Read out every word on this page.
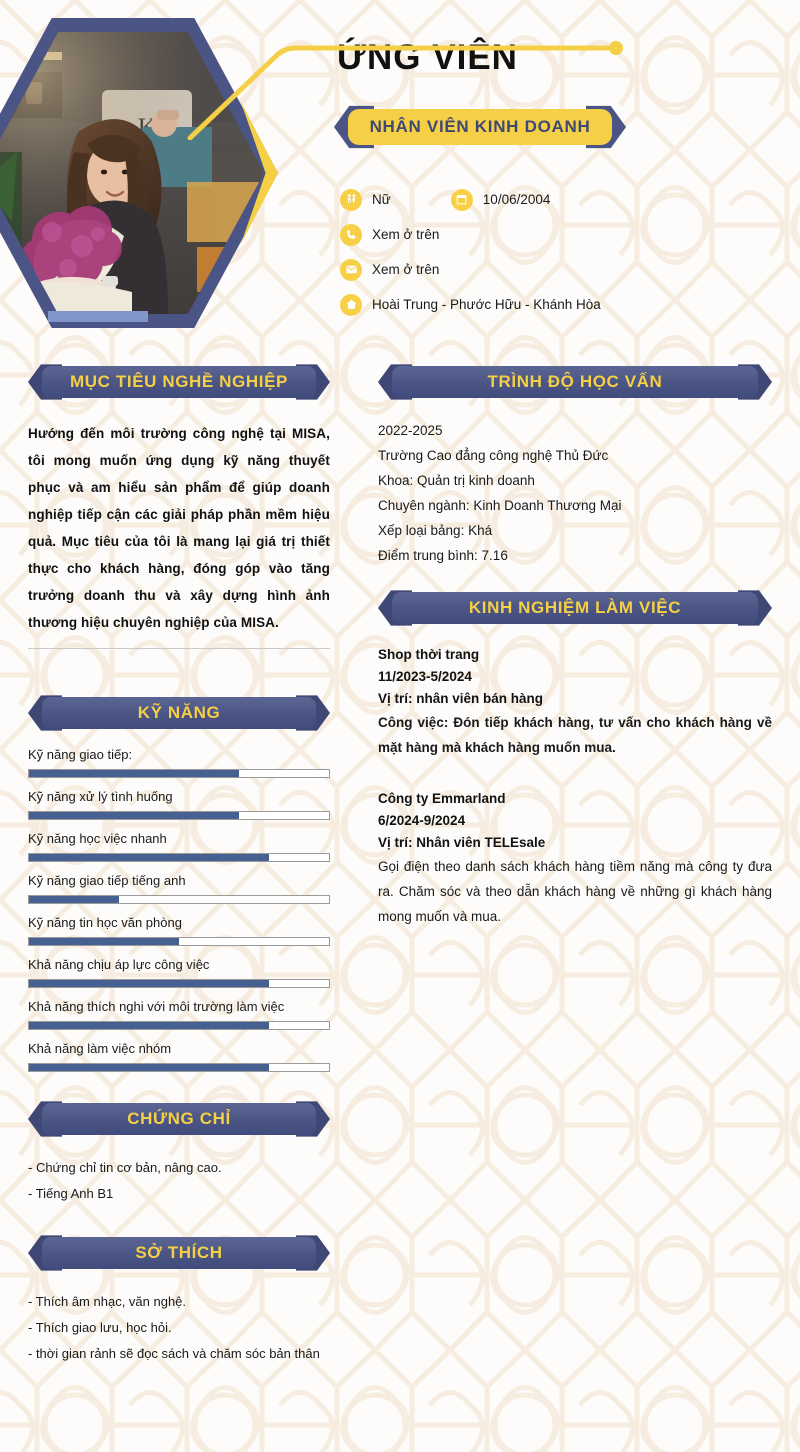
ỨNG VIÊN
NHÂN VIÊN KINH DOANH
Nữ	10/06/2004
Xem ở trên
Xem ở trên
Hoài Trung - Phước Hữu - Khánh Hòa
MỤC TIÊU NGHỀ NGHIỆP
Hướng đến môi trường công nghệ tại MISA, tôi mong muốn ứng dụng kỹ năng thuyết phục và am hiểu sản phẩm để giúp doanh nghiệp tiếp cận các giải pháp phần mềm hiệu quả. Mục tiêu của tôi là mang lại giá trị thiết thực cho khách hàng, đóng góp vào tăng trưởng doanh thu và xây dựng hình ảnh thương hiệu chuyên nghiệp của MISA.
KỸ NĂNG
Kỹ năng giao tiếp:
Kỹ năng xử lý tình huống
Kỹ năng học việc nhanh
Kỹ năng giao tiếp tiếng anh
Kỹ năng tin học văn phòng
Khả năng chịu áp lực công việc
Khả năng thích nghi với môi trường làm việc
Khả năng làm việc nhóm
CHỨNG CHỈ
- Chứng chỉ tin cơ bản, nâng cao.
- Tiếng Anh B1
SỞ THÍCH
- Thích âm nhạc, văn nghệ.
- Thích giao lưu, học hỏi.
- thời gian rảnh sẽ đọc sách và chăm sóc bản thân
TRÌNH ĐỘ HỌC VẤN
2022-2025
Trường Cao đẳng công nghệ Thủ Đức
Khoa: Quản trị kinh doanh
Chuyên ngành: Kinh Doanh Thương Mại
Xếp loại bảng: Khá
Điểm trung bình: 7.16
KINH NGHIỆM LÀM VIỆC
Shop thời trang
11/2023-5/2024
Vị trí: nhân viên bán hàng
Công việc: Đón tiếp khách hàng, tư vấn cho khách hàng về mặt hàng mà khách hàng muốn mua.
Công ty Emmarland
6/2024-9/2024
Vị trí: Nhân viên TELEsale
Gọi điện theo danh sách khách hàng tiềm năng mà công ty đưa ra. Chăm sóc và theo dẫn khách hàng về những gì khách hàng mong muốn và mua.
